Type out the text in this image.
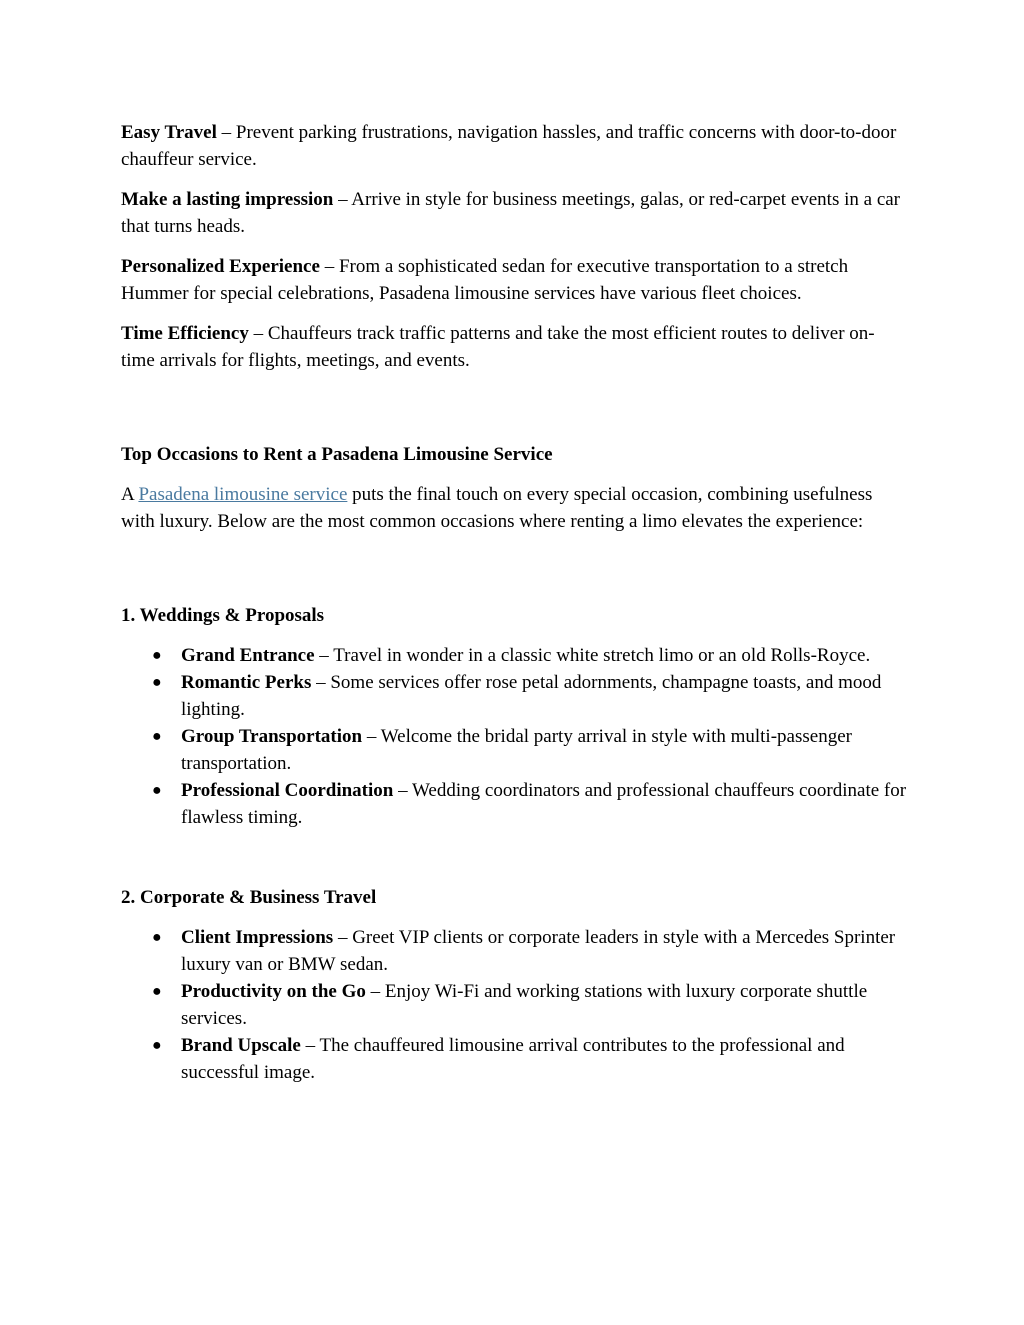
Easy Travel – Prevent parking frustrations, navigation hassles, and traffic concerns with door-to-door chauffeur service.

Make a lasting impression – Arrive in style for business meetings, galas, or red-carpet events in a car that turns heads.

Personalized Experience – From a sophisticated sedan for executive transportation to a stretch Hummer for special celebrations, Pasadena limousine services have various fleet choices.

Time Efficiency – Chauffeurs track traffic patterns and take the most efficient routes to deliver on-time arrivals for flights, meetings, and events.

Top Occasions to Rent a Pasadena Limousine Service

A Pasadena limousine service puts the final touch on every special occasion, combining usefulness with luxury. Below are the most common occasions where renting a limo elevates the experience:

1. Weddings & Proposals
● Grand Entrance – Travel in wonder in a classic white stretch limo or an old Rolls-Royce.
● Romantic Perks – Some services offer rose petal adornments, champagne toasts, and mood lighting.
● Group Transportation – Welcome the bridal party arrival in style with multi-passenger transportation.
● Professional Coordination – Wedding coordinators and professional chauffeurs coordinate for flawless timing.
2. Corporate & Business Travel
● Client Impressions – Greet VIP clients or corporate leaders in style with a Mercedes Sprinter luxury van or BMW sedan.
● Productivity on the Go – Enjoy Wi-Fi and working stations with luxury corporate shuttle services.
● Brand Upscale – The chauffeured limousine arrival contributes to the professional and successful image.
